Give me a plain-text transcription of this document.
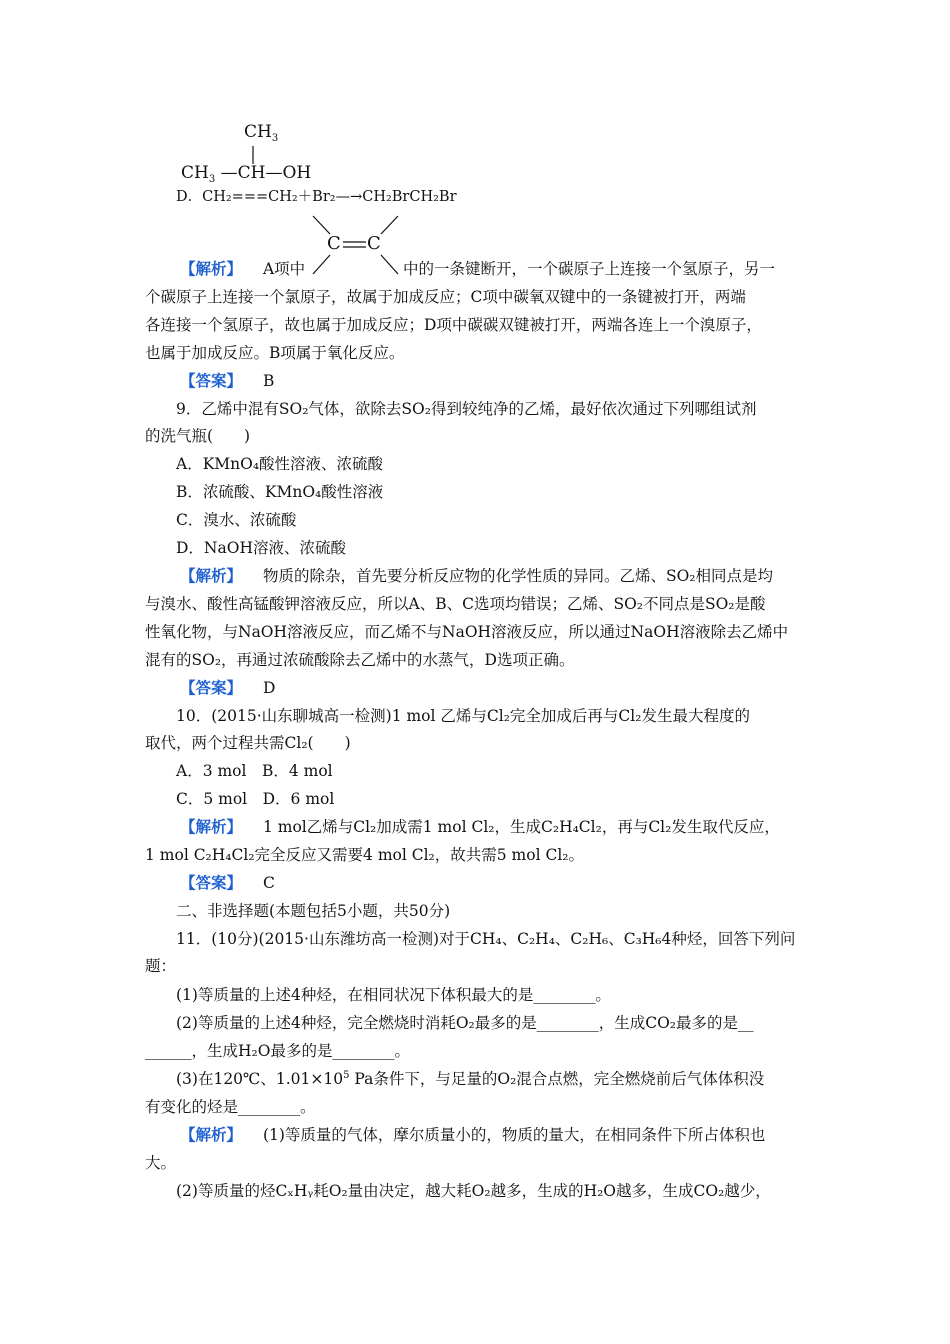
$CH_3$
$CH_3$ —CH—OH
D．CH₂===CH₂＋Br₂—→CH₂BrCH₂Br
C C
【解析】 A项中	中的一条键断开，一个碳原子上连接一个氢原子，另一
个碳原子上连接一个氯原子，故属于加成反应；C项中碳氧双键中的一条键被打开，两端
各连接一个氢原子，故也属于加成反应；D项中碳碳双键被打开，两端各连上一个溴原子，
也属于加成反应。B项属于氧化反应。
【答案】 B
9．乙烯中混有SO₂气体，欲除去SO₂得到较纯净的乙烯，最好依次通过下列哪组试剂
的洗气瓶(　　)
A．KMnO₄酸性溶液、浓硫酸
B．浓硫酸、KMnO₄酸性溶液
C．溴水、浓硫酸
D．NaOH溶液、浓硫酸
【解析】 物质的除杂，首先要分析反应物的化学性质的异同。乙烯、SO₂相同点是均
与溴水、酸性高锰酸钾溶液反应，所以A、B、C选项均错误；乙烯、SO₂不同点是SO₂是酸
性氧化物，与NaOH溶液反应，而乙烯不与NaOH溶液反应，所以通过NaOH溶液除去乙烯中
混有的SO₂，再通过浓硫酸除去乙烯中的水蒸气，D选项正确。
【答案】 D
10．(2015·山东聊城高一检测)1 mol 乙烯与Cl₂完全加成后再与Cl₂发生最大程度的
取代，两个过程共需Cl₂(　　)
A．3 mol　B．4 mol
C．5 mol　D．6 mol
【解析】 1 mol乙烯与Cl₂加成需1 mol Cl₂，生成C₂H₄Cl₂，再与Cl₂发生取代反应，
1 mol C₂H₄Cl₂完全反应又需要4 mol Cl₂，故共需5 mol Cl₂。
【答案】 C
二、非选择题(本题包括5小题，共50分)
11．(10分)(2015·山东潍坊高一检测)对于CH₄、C₂H₄、C₂H₆、C₃H₆4种烃，回答下列问
题：
(1)等质量的上述4种烃，在相同状况下体积最大的是________。
(2)等质量的上述4种烃，完全燃烧时消耗O₂最多的是________，生成CO₂最多的是__
______，生成H₂O最多的是________。
(3)在120℃、$1.01\times 10^5$ Pa条件下，与足量的O₂混合点燃，完全燃烧前后气体体积没
有变化的烃是________。
【解析】 (1)等质量的气体，摩尔质量小的，物质的量大，在相同条件下所占体积也
大。
(2)等质量的烃CₓHᵧ耗O₂量由决定，越大耗O₂越多，生成的H₂O越多，生成CO₂越少，
